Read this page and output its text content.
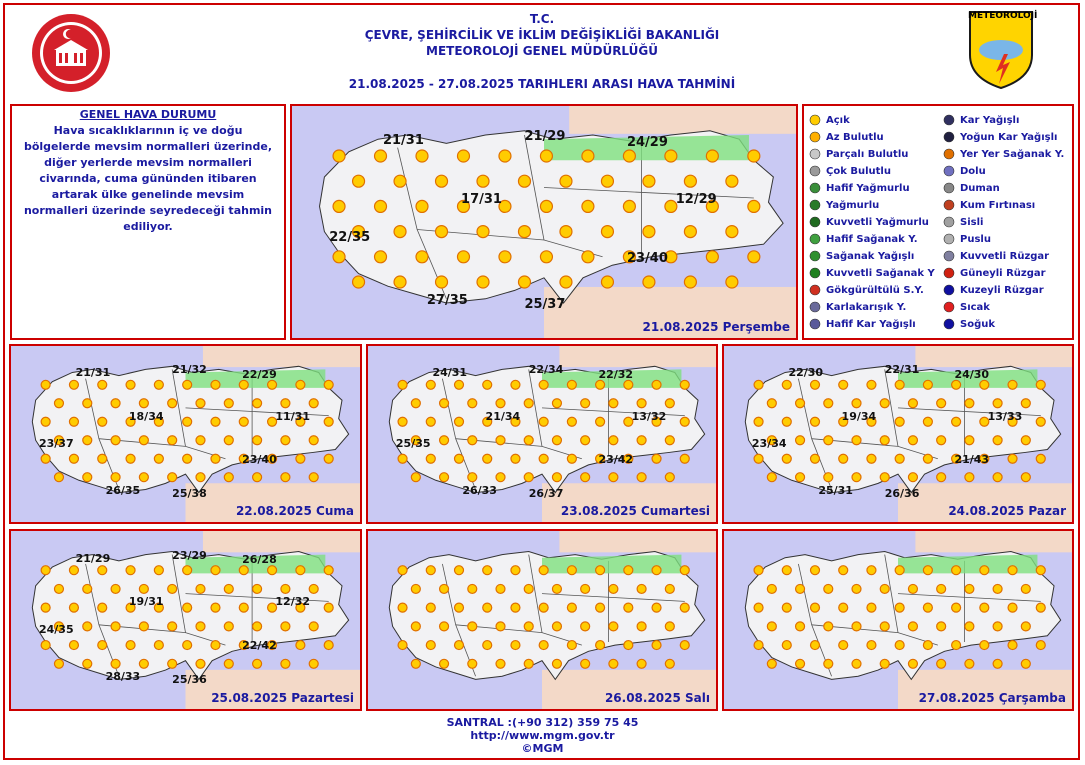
METEOROLOJİ
T.C.
ÇEVRE, ŞEHİRCİLİK VE İKLİM DEĞİŞİKLİĞİ BAKANLIĞI
METEOROLOJİ GENEL MÜDÜRLÜĞÜ
21.08.2025 - 27.08.2025 TARIHLERI ARASI HAVA TAHMİNİ
GENEL HAVA DURUMU
Hava sıcaklıklarının iç ve doğu bölgelerde mevsim normalleri üzerinde, diğer yerlerde mevsim normalleri civarında, cuma gününden itibaren artarak ülke genelinde mevsim normalleri üzerinde seyredeceği tahmin ediliyor.
21.08.2025 Perşembe
21/31	21/29	24/29
17/31	12/29
22/35
23/40
27/35	25/37
22.08.2025 Cuma
21/31	21/32	22/29
18/34	11/31
23/37
23/40
26/35	25/38
23.08.2025 Cumartesi
24/31	22/34	22/32
21/34	13/32
25/35
23/42
26/33	26/37
24.08.2025 Pazar
22/30	22/31	24/30
19/34	13/33
23/34
21/43
25/31	26/36
25.08.2025 Pazartesi
21/29	23/29	26/28
19/31	12/32
24/35
22/42
28/33	25/36
26.08.2025 Salı	27.08.2025 Çarşamba
Açık
Az Bulutlu
Parçalı Bulutlu
Çok Bulutlu
Hafif Yağmurlu
Yağmurlu
Kuvvetli Yağmurlu
Hafif Sağanak Y.
Sağanak Yağışlı
Kuvvetli Sağanak Y
Gökgürültülü S.Y.
Karlakarışık Y.
Hafif Kar Yağışlı
Kar Yağışlı
Yoğun Kar Yağışlı
Yer Yer Sağanak Y.
Dolu
Duman
Kum Fırtınası
Sisli
Puslu
Kuvvetli Rüzgar
Güneyli Rüzgar
Kuzeyli Rüzgar
Sıcak
Soğuk
SANTRAL :(+90 312) 359 75 45
http://www.mgm.gov.tr
©MGM
